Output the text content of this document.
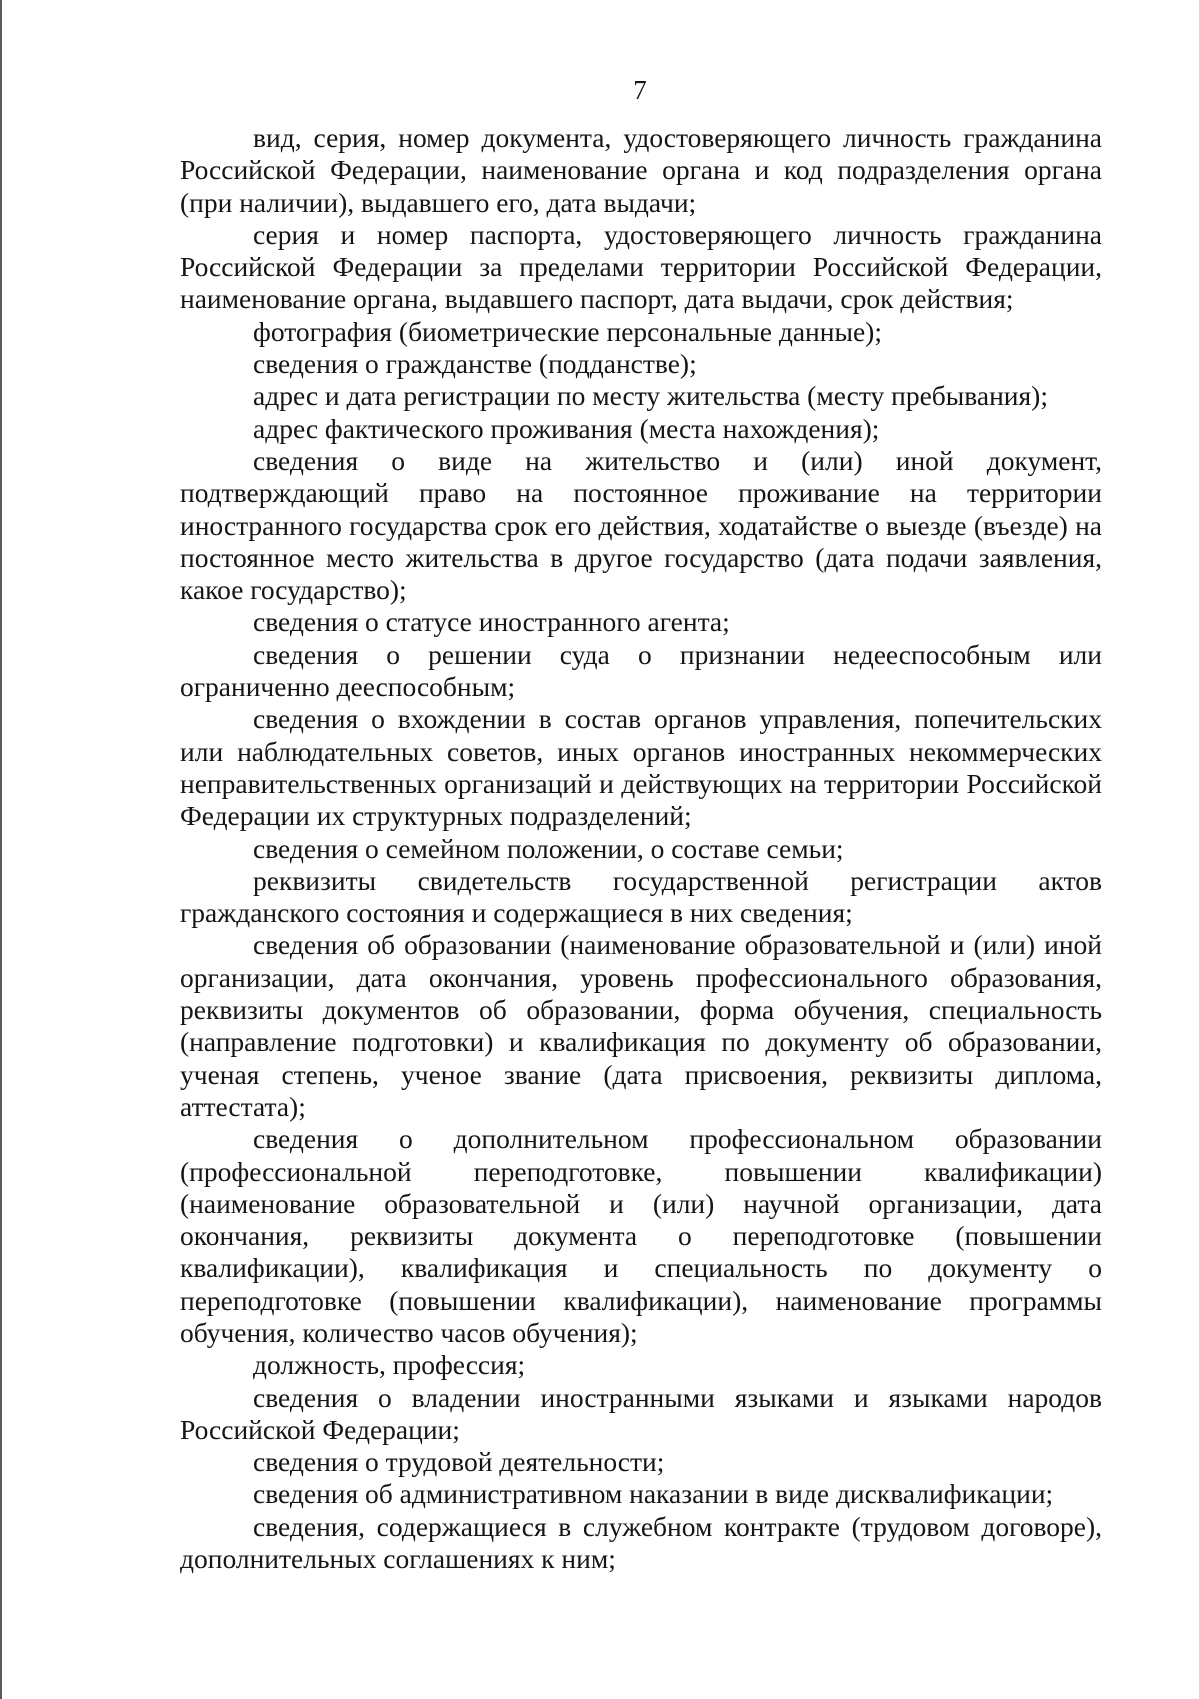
7

вид, серия, номер документа, удостоверяющего личность гражданина Российской Федерации, наименование органа и код подразделения органа (при наличии), выдавшего его, дата выдачи;

серия и номер паспорта, удостоверяющего личность гражданина Российской Федерации за пределами территории Российской Федерации, наименование органа, выдавшего паспорт, дата выдачи, срок действия;

фотография (биометрические персональные данные);

сведения о гражданстве (подданстве);

адрес и дата регистрации по месту жительства (месту пребывания);

адрес фактического проживания (места нахождения);

сведения о виде на жительство и (или) иной документ, подтверждающий право на постоянное проживание на территории иностранного государства срок его действия, ходатайстве о выезде (въезде) на постоянное место жительства в другое государство (дата подачи заявления, какое государство);

сведения о статусе иностранного агента;

сведения о решении суда о признании недееспособным или ограниченно дееспособным;

сведения о вхождении в состав органов управления, попечительских или наблюдательных советов, иных органов иностранных некоммерческих неправительственных организаций и действующих на территории Российской Федерации их структурных подразделений;

сведения о семейном положении, о составе семьи;

реквизиты свидетельств государственной регистрации актов гражданского состояния и содержащиеся в них сведения;

сведения об образовании (наименование образовательной и (или) иной организации, дата окончания, уровень профессионального образования, реквизиты документов об образовании, форма обучения, специальность (направление подготовки) и квалификация по документу об образовании, ученая степень, ученое звание (дата присвоения, реквизиты диплома, аттестата);

сведения о дополнительном профессиональном образовании (профессиональной переподготовке, повышении квалификации) (наименование образовательной и (или) научной организации, дата окончания, реквизиты документа о переподготовке (повышении квалификации), квалификация и специальность по документу о переподготовке (повышении квалификации), наименование программы обучения, количество часов обучения);

должность, профессия;

сведения о владении иностранными языками и языками народов Российской Федерации;

сведения о трудовой деятельности;

сведения об административном наказании в виде дисквалификации;

сведения, содержащиеся в служебном контракте (трудовом договоре), дополнительных соглашениях к ним;
